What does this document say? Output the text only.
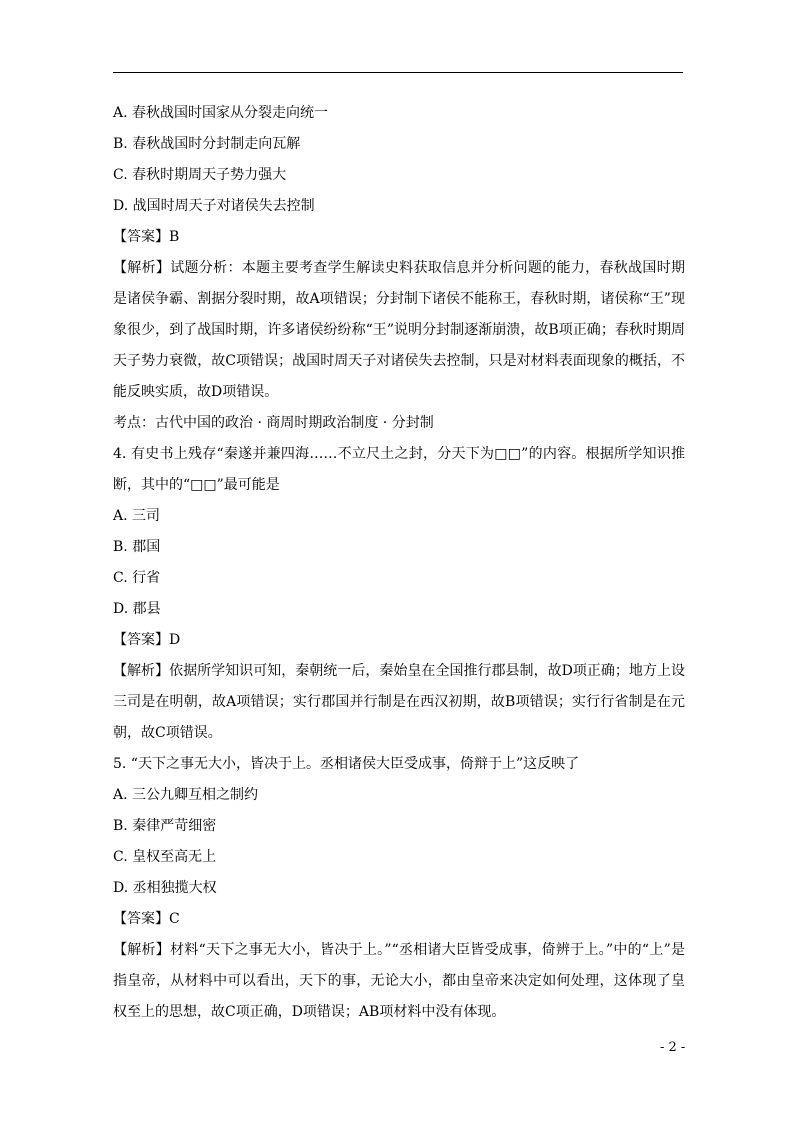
A. 春秋战国时国家从分裂走向统一
B. 春秋战国时分封制走向瓦解
C. 春秋时期周天子势力强大
D. 战国时周天子对诸侯失去控制
【答案】B
【解析】试题分析：本题主要考查学生解读史料获取信息并分析问题的能力，春秋战国时期是诸侯争霸、割据分裂时期，故A项错误；分封制下诸侯不能称王，春秋时期，诸侯称“王”现象很少，到了战国时期，许多诸侯纷纷称“王”说明分封制逐渐崩溃，故B项正确；春秋时期周天子势力衰微，故C项错误；战国时周天子对诸侯失去控制，只是对材料表面现象的概括，不能反映实质，故D项错误。
考点：古代中国的政治 · 商周时期政治制度 · 分封制
4. 有史书上残存“秦遂并兼四海……不立尺土之封，分天下为□□”的内容。根据所学知识推断，其中的“□□”最可能是
A. 三司
B. 郡国
C. 行省
D. 郡县
【答案】D
【解析】依据所学知识可知，秦朝统一后，秦始皇在全国推行郡县制，故D项正确；地方上设三司是在明朝，故A项错误；实行郡国并行制是在西汉初期，故B项错误；实行行省制是在元朝，故C项错误。
5. “天下之事无大小，皆决于上。丞相诸侯大臣受成事，倚辩于上”这反映了
A. 三公九卿互相之制约
B. 秦律严苛细密
C. 皇权至高无上
D. 丞相独揽大权
【答案】C
【解析】材料“天下之事无大小，皆决于上。”“丞相诸大臣皆受成事，倚辨于上。”中的“上”是指皇帝，从材料中可以看出，天下的事，无论大小，都由皇帝来决定如何处理，这体现了皇权至上的思想，故C项正确，D项错误；AB项材料中没有体现。
- 2 -
